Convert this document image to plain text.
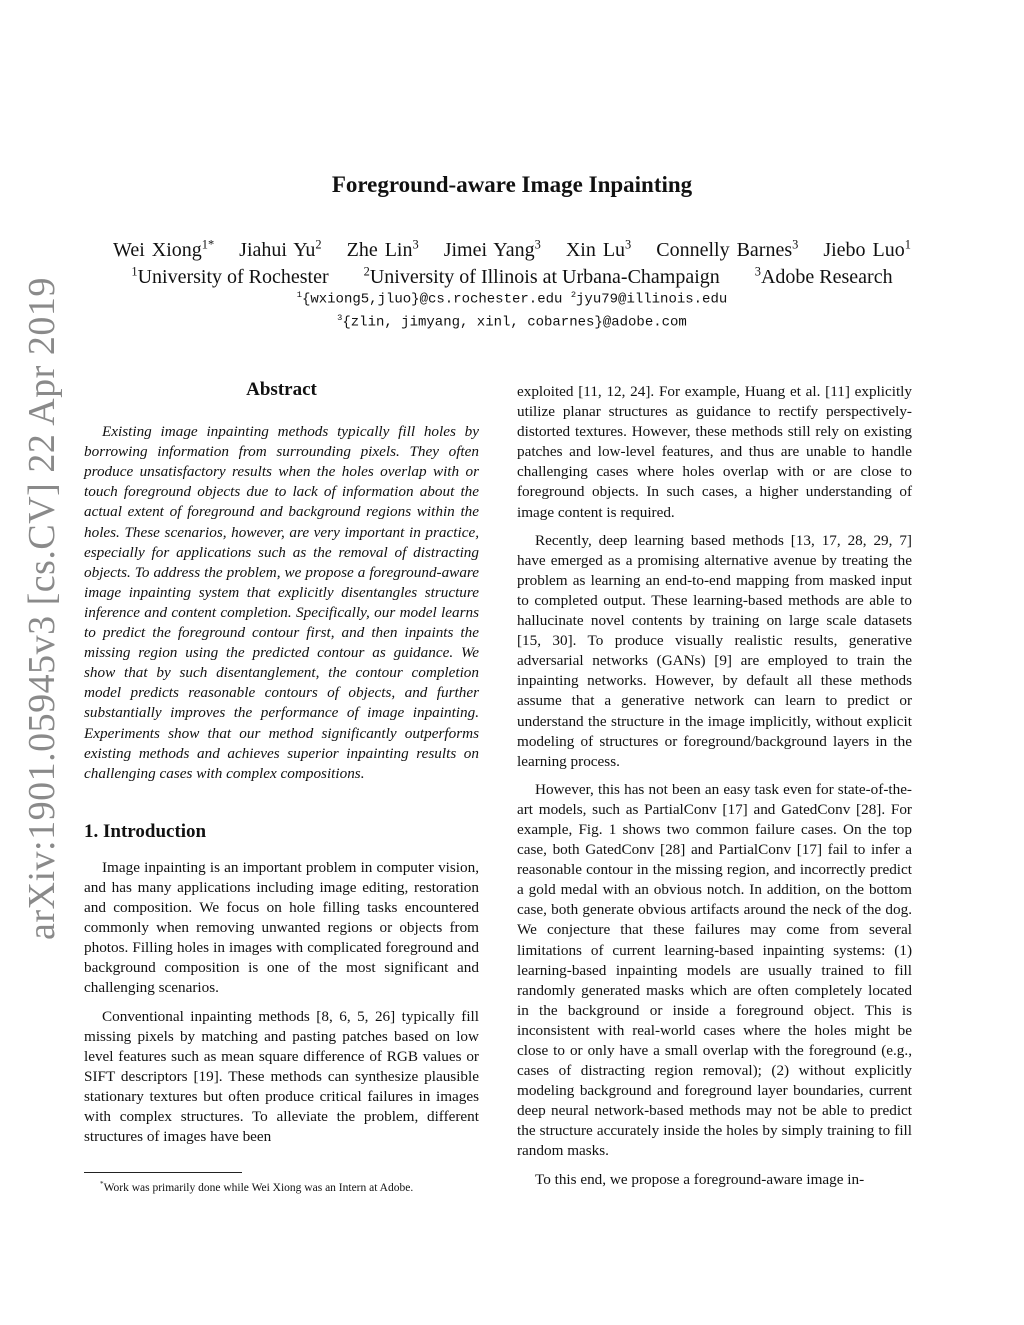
arXiv:1901.05945v3 [cs.CV] 22 Apr 2019
Foreground-aware Image Inpainting
Wei Xiong$^{1*}$ Jiahui Yu$^2$ Zhe Lin$^3$ Jimei Yang$^3$ Xin Lu$^3$ Connelly Barnes$^3$ Jiebo Luo$^1$
$^1$University of Rochester	$^2$University of Illinois at Urbana-Champaign	$^3$Adobe Research
$^1${wxiong5,jluo}@cs.rochester.edu $^2$jyu79@illinois.edu
$^3${zlin, jimyang, xinl, cobarnes}@adobe.com
Abstract

Existing image inpainting methods typically fill holes by borrowing information from surrounding pixels. They often produce unsatisfactory results when the holes overlap with or touch foreground objects due to lack of information about the actual extent of foreground and background regions within the holes. These scenarios, however, are very important in practice, especially for applications such as the removal of distracting objects. To address the problem, we propose a foreground-aware image inpainting system that explicitly disentangles structure inference and content completion. Specifically, our model learns to predict the foreground contour first, and then inpaints the missing region using the predicted contour as guidance. We show that by such disentanglement, the contour completion model predicts reasonable contours of objects, and further substantially improves the performance of image inpainting. Experiments show that our method significantly outperforms existing methods and achieves superior inpainting results on challenging cases with complex compositions.

1. Introduction

Image inpainting is an important problem in computer vision, and has many applications including image editing, restoration and composition. We focus on hole filling tasks encountered commonly when removing unwanted regions or objects from photos. Filling holes in images with complicated foreground and background composition is one of the most significant and challenging scenarios.

Conventional inpainting methods [8, 6, 5, 26] typically fill missing pixels by matching and pasting patches based on low level features such as mean square difference of RGB values or SIFT descriptors [19]. These methods can synthesize plausible stationary textures but often produce critical failures in images with complex structures. To alleviate the problem, different structures of images have been

exploited [11, 12, 24]. For example, Huang et al. [11] explicitly utilize planar structures as guidance to rectify perspectively-distorted textures. However, these methods still rely on existing patches and low-level features, and thus are unable to handle challenging cases where holes overlap with or are close to foreground objects. In such cases, a higher understanding of image content is required.

Recently, deep learning based methods [13, 17, 28, 29, 7] have emerged as a promising alternative avenue by treating the problem as learning an end-to-end mapping from masked input to completed output. These learning-based methods are able to hallucinate novel contents by training on large scale datasets [15, 30]. To produce visually realistic results, generative adversarial networks (GANs) [9] are employed to train the inpainting networks. However, by default all these methods assume that a generative network can learn to predict or understand the structure in the image implicitly, without explicit modeling of structures or foreground/background layers in the learning process.

However, this has not been an easy task even for state-of-the-art models, such as PartialConv [17] and GatedConv [28]. For example, Fig. 1 shows two common failure cases. On the top case, both GatedConv [28] and PartialConv [17] fail to infer a reasonable contour in the missing region, and incorrectly predict a gold medal with an obvious notch. In addition, on the bottom case, both generate obvious artifacts around the neck of the dog. We conjecture that these failures may come from several limitations of current learning-based inpainting systems: (1) learning-based inpainting models are usually trained to fill randomly generated masks which are often completely located in the background or inside a foreground object. This is inconsistent with real-world cases where the holes might be close to or only have a small overlap with the foreground (e.g., cases of distracting region removal); (2) without explicitly modeling background and foreground layer boundaries, current deep neural network-based methods may not be able to predict the structure accurately inside the holes by simply training to fill random masks.

To this end, we propose a foreground-aware image in-

*Work was primarily done while Wei Xiong was an Intern at Adobe.
